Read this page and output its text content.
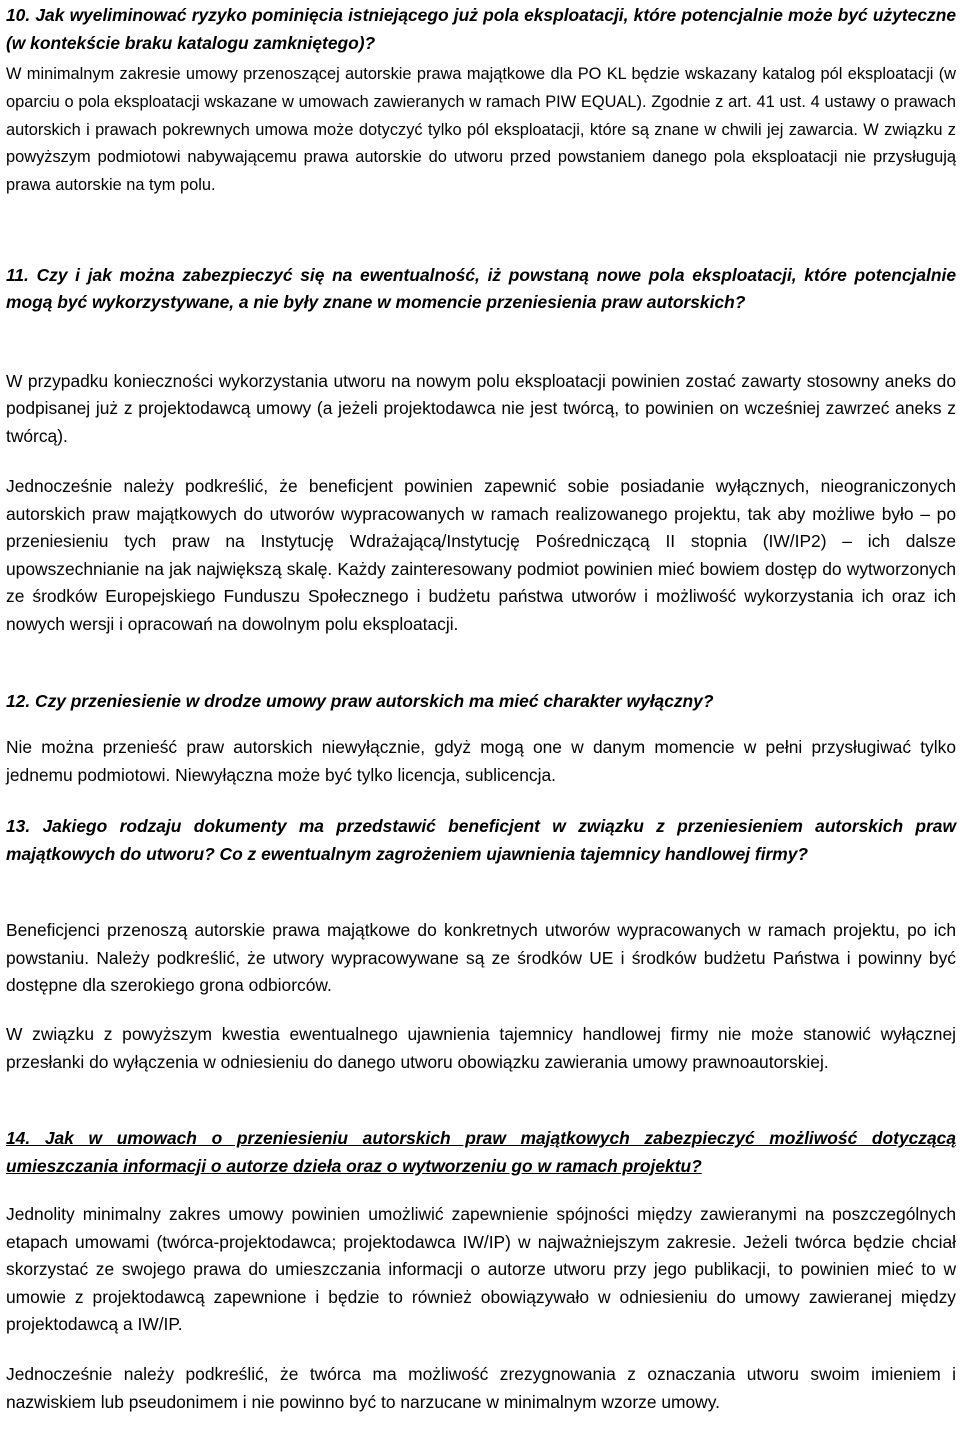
10. Jak wyeliminować ryzyko pominięcia istniejącego już pola eksploatacji, które potencjalnie może być użyteczne (w kontekście braku katalogu zamkniętego)?

W minimalnym zakresie umowy przenoszącej autorskie prawa majątkowe dla PO KL będzie wskazany katalog pól eksploatacji (w oparciu o pola eksploatacji wskazane w umowach zawieranych w ramach PIW EQUAL). Zgodnie z art. 41 ust. 4 ustawy o prawach autorskich i prawach pokrewnych umowa może dotyczyć tylko pól eksploatacji, które są znane w chwili jej zawarcia. W związku z powyższym podmiotowi nabywającemu prawa autorskie do utworu przed powstaniem danego pola eksploatacji nie przysługują prawa autorskie na tym polu.

11. Czy i jak można zabezpieczyć się na ewentualność, iż powstaną nowe pola eksploatacji, które potencjalnie mogą być wykorzystywane, a nie były znane w momencie przeniesienia praw autorskich?

W przypadku konieczności wykorzystania utworu na nowym polu eksploatacji powinien zostać zawarty stosowny aneks do podpisanej już z projektodawcą umowy (a jeżeli projektodawca nie jest twórcą, to powinien on wcześniej zawrzeć aneks z twórcą).

Jednocześnie należy podkreślić, że beneficjent powinien zapewnić sobie posiadanie wyłącznych, nieograniczonych autorskich praw majątkowych do utworów wypracowanych w ramach realizowanego projektu, tak aby możliwe było – po przeniesieniu tych praw na Instytucję Wdrażającą/Instytucję Pośredniczącą II stopnia (IW/IP2) – ich dalsze upowszechnianie na jak największą skalę. Każdy zainteresowany podmiot powinien mieć bowiem dostęp do wytworzonych ze środków Europejskiego Funduszu Społecznego i budżetu państwa utworów i możliwość wykorzystania ich oraz ich nowych wersji i opracowań na dowolnym polu eksploatacji.

12. Czy przeniesienie w drodze umowy praw autorskich ma mieć charakter wyłączny?

Nie można przenieść praw autorskich niewyłącznie, gdyż mogą one w danym momencie w pełni przysługiwać tylko jednemu podmiotowi. Niewyłączna może być tylko licencja, sublicencja.

13. Jakiego rodzaju dokumenty ma przedstawić beneficjent w związku z przeniesieniem autorskich praw majątkowych do utworu? Co z ewentualnym zagrożeniem ujawnienia tajemnicy handlowej firmy?

Beneficjenci przenoszą autorskie prawa majątkowe do konkretnych utworów wypracowanych w ramach projektu, po ich powstaniu. Należy podkreślić, że utwory wypracowywane są ze środków UE i środków budżetu Państwa i powinny być dostępne dla szerokiego grona odbiorców.

W związku z powyższym kwestia ewentualnego ujawnienia tajemnicy handlowej firmy nie może stanowić wyłącznej przesłanki do wyłączenia w odniesieniu do danego utworu obowiązku zawierania umowy prawnoautorskiej.

14. Jak w umowach o przeniesieniu autorskich praw majątkowych zabezpieczyć możliwość dotyczącą umieszczania informacji o autorze dzieła oraz o wytworzeniu go w ramach projektu?

Jednolity minimalny zakres umowy powinien umożliwić zapewnienie spójności między zawieranymi na poszczególnych etapach umowami (twórca-projektodawca; projektodawca IW/IP) w najważniejszym zakresie. Jeżeli twórca będzie chciał skorzystać ze swojego prawa do umieszczania informacji o autorze utworu przy jego publikacji, to powinien mieć to w umowie z projektodawcą zapewnione i będzie to również obowiązywało w odniesieniu do umowy zawieranej między projektodawcą a IW/IP.

Jednocześnie należy podkreślić, że twórca ma możliwość zrezygnowania z oznaczania utworu swoim imieniem i nazwiskiem lub pseudonimem i nie powinno być to narzucane w minimalnym wzorze umowy.
